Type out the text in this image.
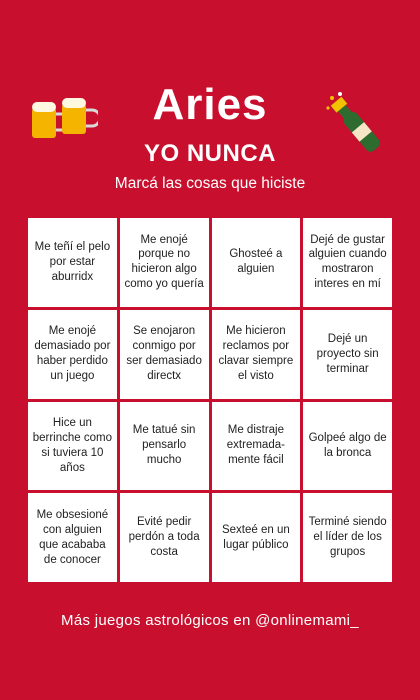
Aries
YO NUNCA
Marcá las cosas que hiciste
Me teñí el pelo por estar aburridx
Me enojé porque no hicieron algo como yo quería
Ghosteé a alguien
Dejé de gustar alguien cuando mostraron interes en mí
Me enojé demasiado por haber perdido un juego
Se enojaron conmigo por ser demasiado directx
Me hicieron reclamos por clavar siempre el visto
Dejé un proyecto sin terminar
Hice un berrinche como si tuviera 10 años
Me tatué sin pensarlo mucho
Me distraje extremada-mente fácil
Golpeé algo de la bronca
Me obsesioné con alguien que acababa de conocer
Evité pedir perdón a toda costa
Sexteé en un lugar público
Terminé siendo el líder de los grupos
Más juegos astrológicos en @onlinemami_
